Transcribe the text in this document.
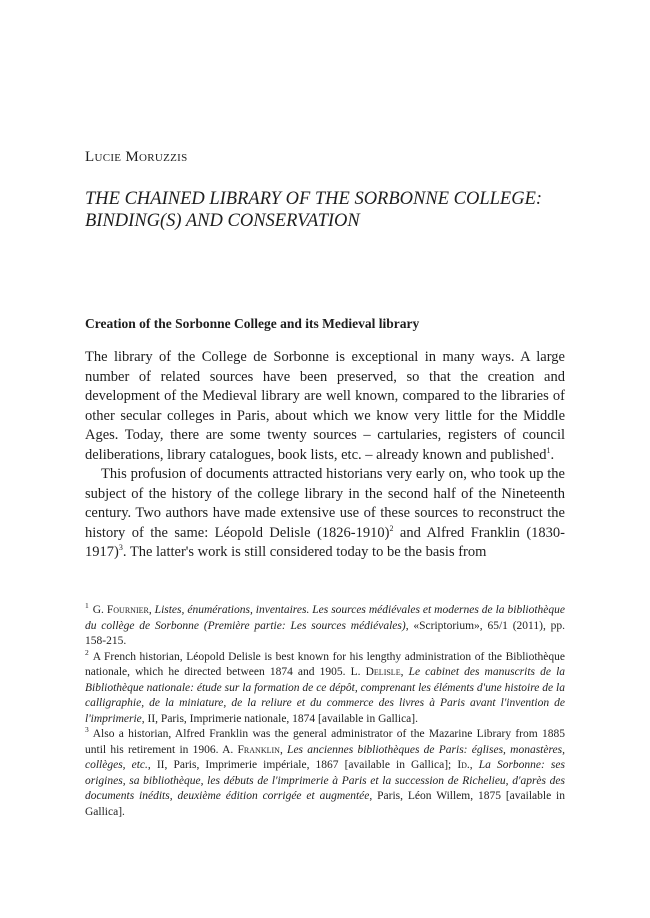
Lucie Moruzzis

THE CHAINED LIBRARY OF THE SORBONNE COLLEGE:
BINDING(S) AND CONSERVATION
Creation of the Sorbonne College and its Medieval library

The library of the College de Sorbonne is exceptional in many ways. A large number of related sources have been preserved, so that the creation and development of the Medieval library are well known, compared to the libraries of other secular colleges in Paris, about which we know very little for the Middle Ages. Today, there are some twenty sources – cartularies, registers of council deliberations, library catalogues, book lists, etc. – already known and published$^1$.

This profusion of documents attracted historians very early on, who took up the subject of the history of the college library in the second half of the Nineteenth century. Two authors have made extensive use of these sources to reconstruct the history of the same: Léopold Delisle (1826-1910)$^2$ and Alfred Franklin (1830-1917)$^3$. The latter's work is still considered today to be the basis from

$^1$ G. Fournier, Listes, énumérations, inventaires. Les sources médiévales et modernes de la bibliothèque du collège de Sorbonne (Première partie: Les sources médiévales), «Scriptorium», 65/1 (2011), pp. 158-215.

$^2$ A French historian, Léopold Delisle is best known for his lengthy administration of the Bibliothèque nationale, which he directed between 1874 and 1905. L. Delisle, Le cabinet des manuscrits de la Bibliothèque nationale: étude sur la formation de ce dépôt, comprenant les éléments d'une histoire de la calligraphie, de la miniature, de la reliure et du commerce des livres à Paris avant l'invention de l'imprimerie, II, Paris, Imprimerie nationale, 1874 [available in Gallica].

$^3$ Also a historian, Alfred Franklin was the general administrator of the Mazarine Library from 1885 until his retirement in 1906. A. Franklin, Les anciennes bibliothèques de Paris: églises, monastères, collèges, etc., II, Paris, Imprimerie impériale, 1867 [available in Gallica]; Id., La Sorbonne: ses origines, sa bibliothèque, les débuts de l'imprimerie à Paris et la succession de Richelieu, d'après des documents inédits, deuxième édition corrigée et augmentée, Paris, Léon Willem, 1875 [available in Gallica].
